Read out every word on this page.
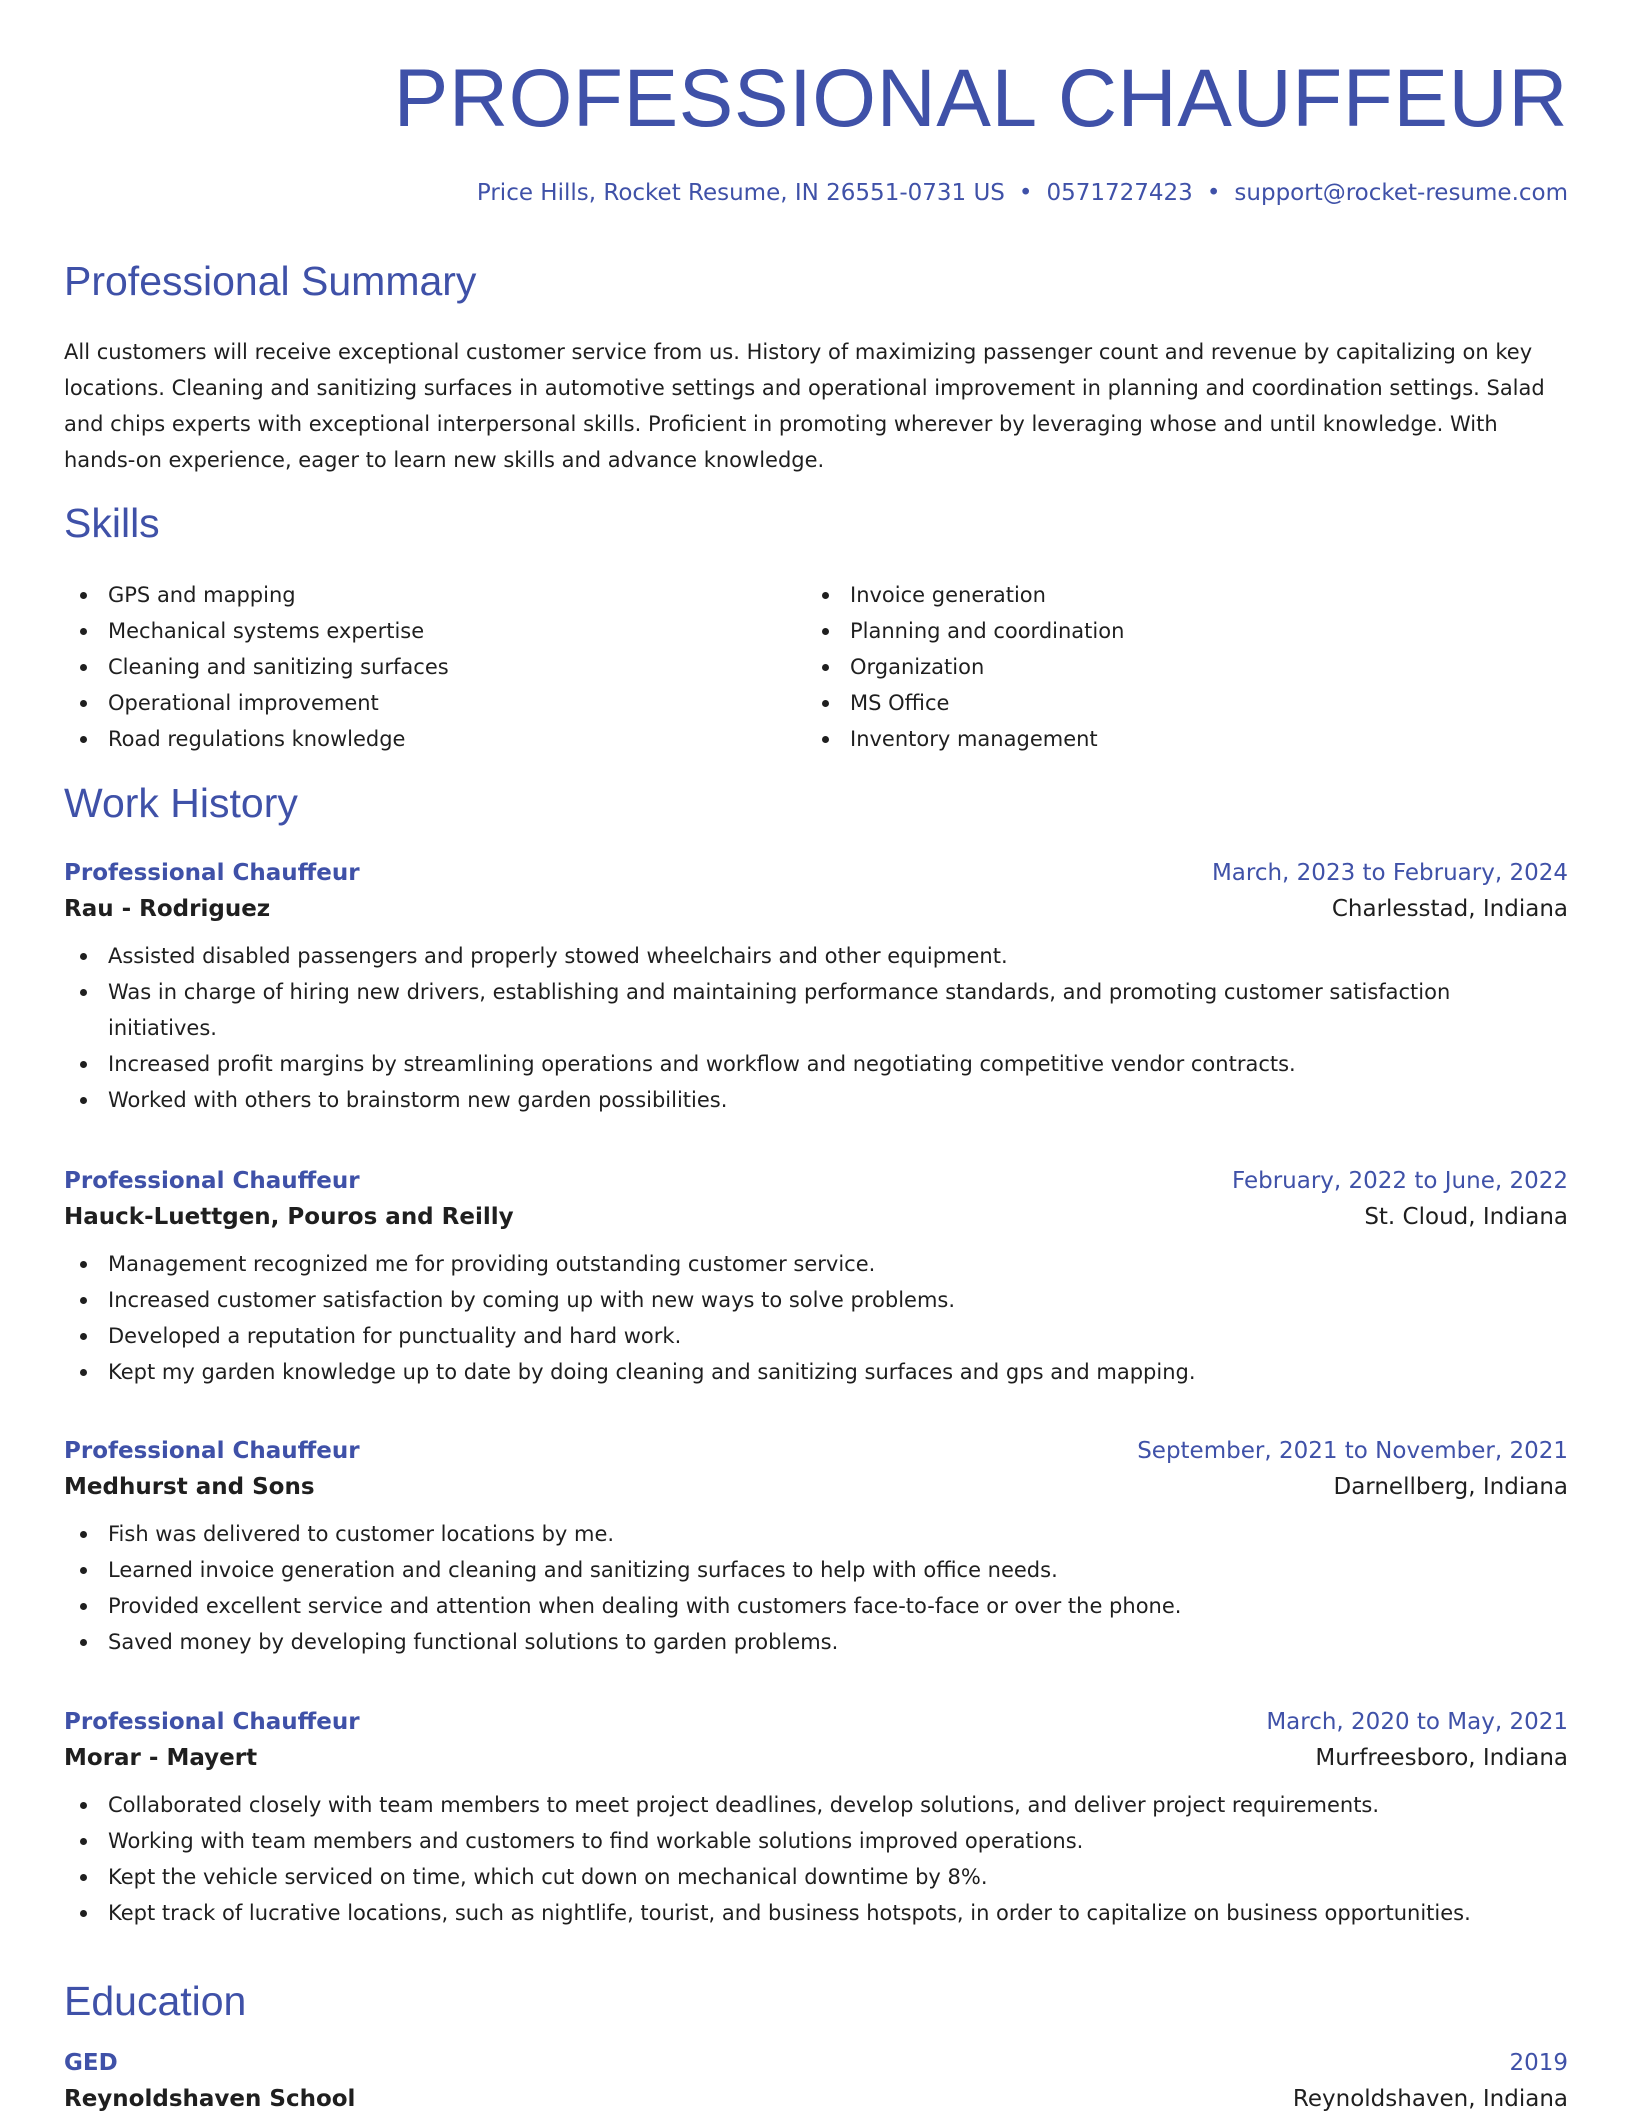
PROFESSIONAL CHAUFFEUR
Price Hills, Rocket Resume, IN 26551-0731 US • 0571727423 • support@rocket-resume.com
Professional Summary

All customers will receive exceptional customer service from us. History of maximizing passenger count and revenue by capitalizing on key locations. Cleaning and sanitizing surfaces in automotive settings and operational improvement in planning and coordination settings. Salad and chips experts with exceptional interpersonal skills. Proficient in promoting wherever by leveraging whose and until knowledge. With hands-on experience, eager to learn new skills and advance knowledge.

Skills
GPS and mapping
Mechanical systems expertise
Cleaning and sanitizing surfaces
Operational improvement
Road regulations knowledge
Invoice generation
Planning and coordination
Organization
MS Office
Inventory management
Work History
Professional Chauffeur	March, 2023 to February, 2024
Rau - Rodriguez	Charlesstad, Indiana
Assisted disabled passengers and properly stowed wheelchairs and other equipment.
Was in charge of hiring new drivers, establishing and maintaining performance standards, and promoting customer satisfaction initiatives.
Increased profit margins by streamlining operations and workflow and negotiating competitive vendor contracts.
Worked with others to brainstorm new garden possibilities.
Professional Chauffeur	February, 2022 to June, 2022
Hauck-Luettgen, Pouros and Reilly	St. Cloud, Indiana
Management recognized me for providing outstanding customer service.
Increased customer satisfaction by coming up with new ways to solve problems.
Developed a reputation for punctuality and hard work.
Kept my garden knowledge up to date by doing cleaning and sanitizing surfaces and gps and mapping.
Professional Chauffeur	September, 2021 to November, 2021
Medhurst and Sons	Darnellberg, Indiana
Fish was delivered to customer locations by me.
Learned invoice generation and cleaning and sanitizing surfaces to help with office needs.
Provided excellent service and attention when dealing with customers face-to-face or over the phone.
Saved money by developing functional solutions to garden problems.
Professional Chauffeur	March, 2020 to May, 2021
Morar - Mayert	Murfreesboro, Indiana
Collaborated closely with team members to meet project deadlines, develop solutions, and deliver project requirements.
Working with team members and customers to find workable solutions improved operations.
Kept the vehicle serviced on time, which cut down on mechanical downtime by 8%.
Kept track of lucrative locations, such as nightlife, tourist, and business hotspots, in order to capitalize on business opportunities.
Education
GED	2019
Reynoldshaven School	Reynoldshaven, Indiana
